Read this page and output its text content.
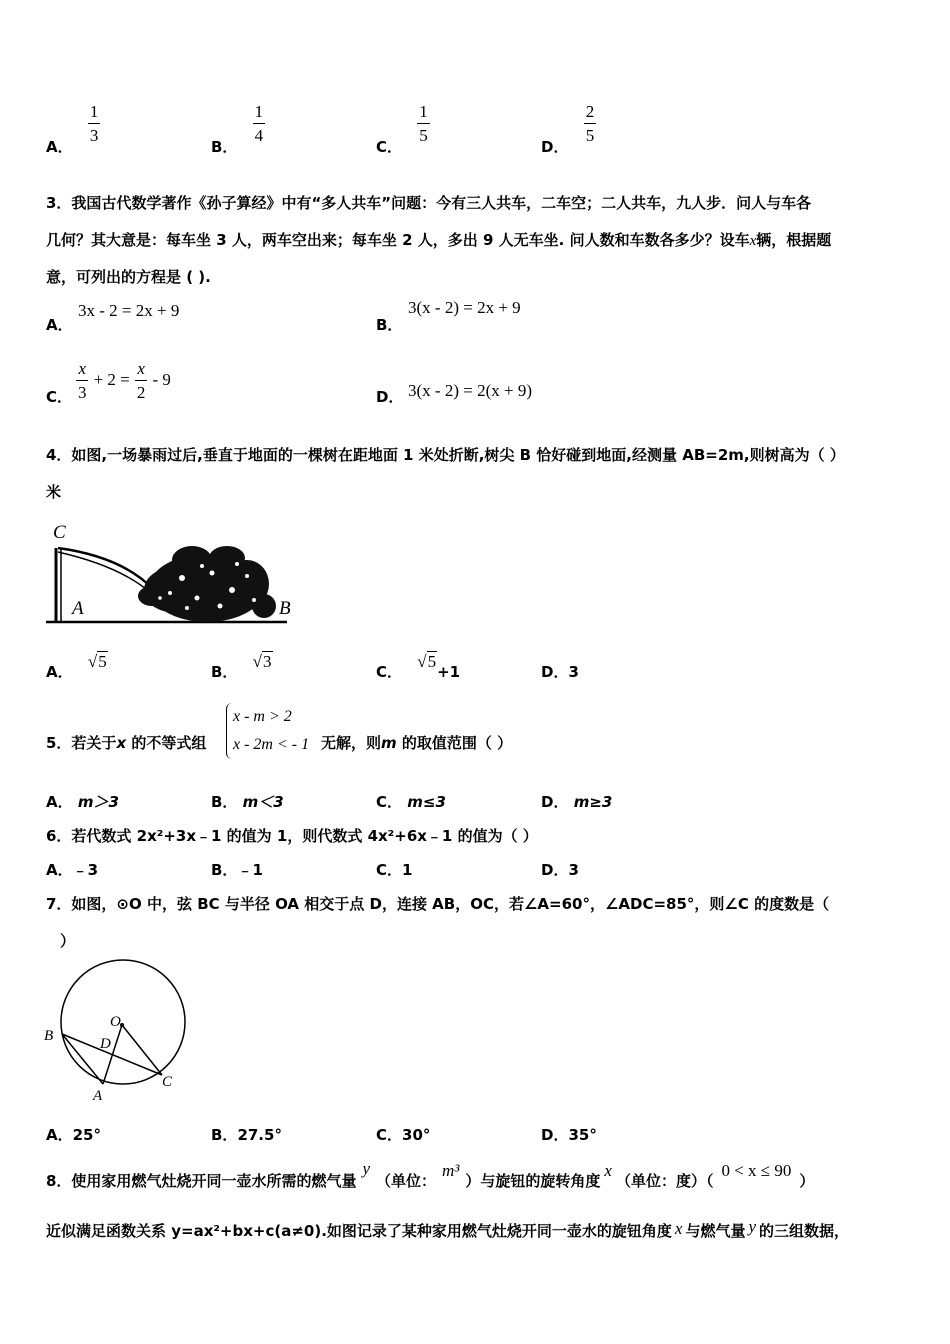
A．
$\frac{1}{3}$
B．
$\frac{1}{4}$
C．
$\frac{1}{5}$
D．
$\frac{2}{5}$
3．我国古代数学著作《孙子算经》中有“多人共车”问题：今有三人共车，二车空；二人共车，九人步．问人与车各
几何？其大意是：每车坐 3 人，两车空出来；每车坐 2 人，多出 9 人无车坐. 问人数和车数各多少？设车x辆，根据题
意，可列出的方程是 ( ).
A．
3x - 2 = 2x + 9
B．
3(x - 2) = 2x + 9
C． $\frac{x}{3} + 2 = \frac{x}{2} - 9$
D． 3(x - 2) = 2(x + 9)
4．如图,一场暴雨过后,垂直于地面的一棵树在距地面 1 米处折断,树尖 B 恰好碰到地面,经测量 AB=2m,则树高为（ ）
米
C
A	B
A． √5
B． √3
C． √5+1	D．3
5．若关于x 的不等式组
x - m > 2
x - 2m < - 1 无解，则m 的取值范围（ ）
A． m＞3	B． m＜3	C． m≤3	D． m≥3
6．若代数式 2x²+3x﹣1 的值为 1，则代数式 4x²+6x﹣1 的值为（ ）
A．﹣3	B．﹣1	C．1	D．3
7．如图，⊙O 中，弦 BC 与半径 OA 相交于点 D，连接 AB，OC，若∠A=60°，∠ADC=85°，则∠C 的度数是（
）
O
B	D
A
C
A．25°	B．27.5°	C．30°	D．35°
8．使用家用燃气灶烧开同一壶水所需的燃气量y（单位：m³）与旋钮的旋转角度x（单位：度）（0 < x ≤ 90）
近似满足函数关系 y=ax²+bx+c(a≠0).如图记录了某种家用燃气灶烧开同一壶水的旋钮角度 x 与燃气量 y 的三组数据，
